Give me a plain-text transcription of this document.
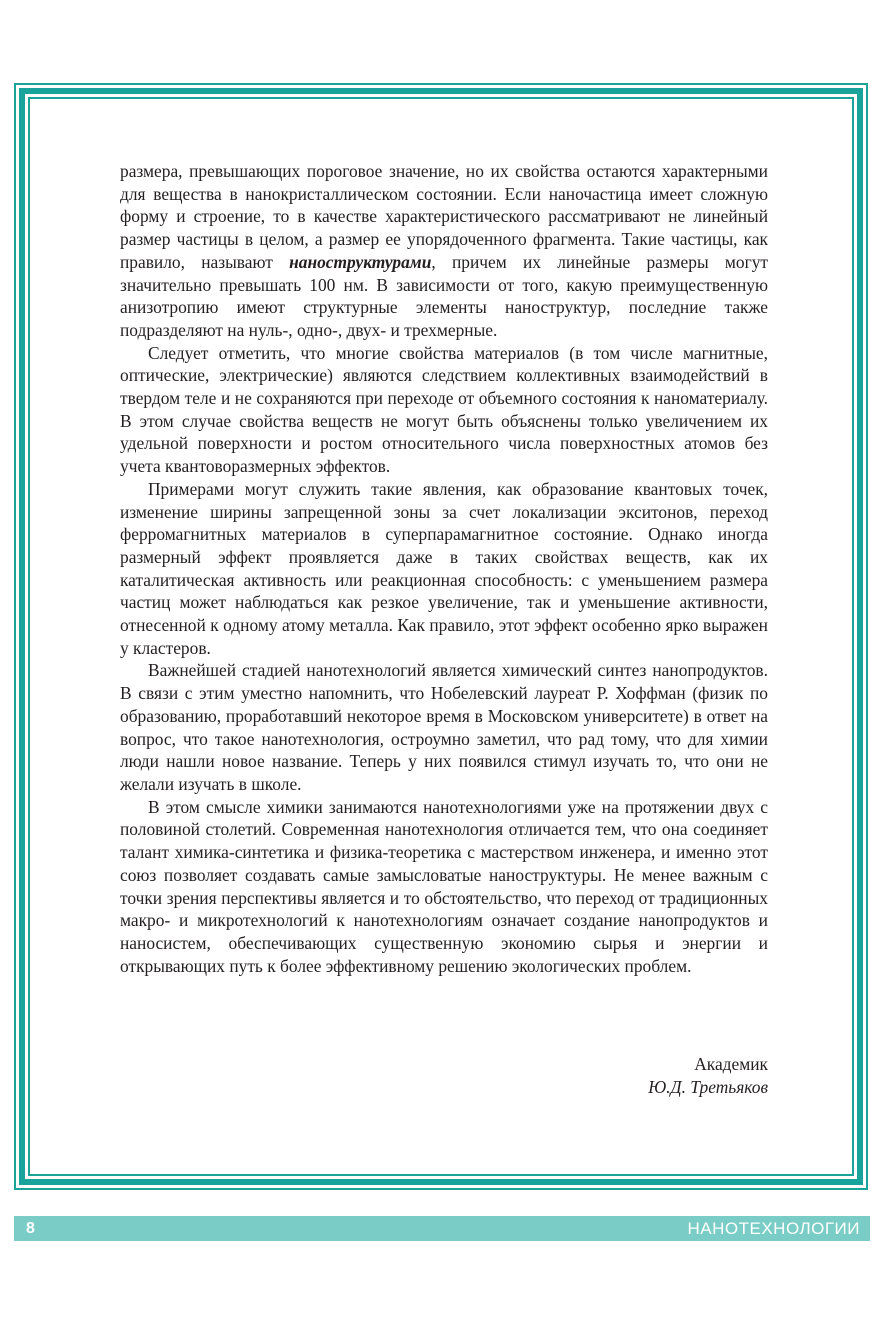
размера, превышающих пороговое значение, но их свойства остаются характерными для вещества в нанокристаллическом состоянии. Если наночастица имеет сложную форму и строение, то в качестве характеристического рассматривают не линейный размер частицы в целом, а размер ее упорядоченного фрагмента. Такие частицы, как правило, называют наноструктурами, причем их линейные размеры могут значительно превышать 100 нм. В зависимости от того, какую преимущественную анизотропию имеют структурные элементы наноструктур, последние также подразделяют на нуль-, одно-, двух- и трехмерные.

Следует отметить, что многие свойства материалов (в том числе магнитные, оптические, электрические) являются следствием коллективных взаимодействий в твердом теле и не сохраняются при переходе от объемного состояния к наноматериалу. В этом случае свойства веществ не могут быть объяснены только увеличением их удельной поверхности и ростом относительного числа поверхностных атомов без учета квантоворазмерных эффектов.

Примерами могут служить такие явления, как образование квантовых точек, изменение ширины запрещенной зоны за счет локализации экситонов, переход ферромагнитных материалов в суперпарамагнитное состояние. Однако иногда размерный эффект проявляется даже в таких свойствах веществ, как их каталитическая активность или реакционная способность: с уменьшением размера частиц может наблюдаться как резкое увеличение, так и уменьшение активности, отнесенной к одному атому металла. Как правило, этот эффект особенно ярко выражен у кластеров.

Важнейшей стадией нанотехнологий является химический синтез нанопродуктов. В связи с этим уместно напомнить, что Нобелевский лауреат Р. Хоффман (физик по образованию, проработавший некоторое время в Московском университете) в ответ на вопрос, что такое нанотехнология, остроумно заметил, что рад тому, что для химии люди нашли новое название. Теперь у них появился стимул изучать то, что они не желали изучать в школе.

В этом смысле химики занимаются нанотехнологиями уже на протяжении двух с половиной столетий. Современная нанотехнология отличается тем, что она соединяет талант химика-синтетика и физика-теоретика с мастерством инженера, и именно этот союз позволяет создавать самые замысловатые наноструктуры. Не менее важным с точки зрения перспективы является и то обстоятельство, что переход от традиционных макро- и микротехнологий к нанотехнологиям означает создание нанопродуктов и наносистем, обеспечивающих существенную экономию сырья и энергии и открывающих путь к более эффективному решению экологических проблем.

Академик
Ю.Д. Третьяков
8	НАНОТЕХНОЛОГИИ
